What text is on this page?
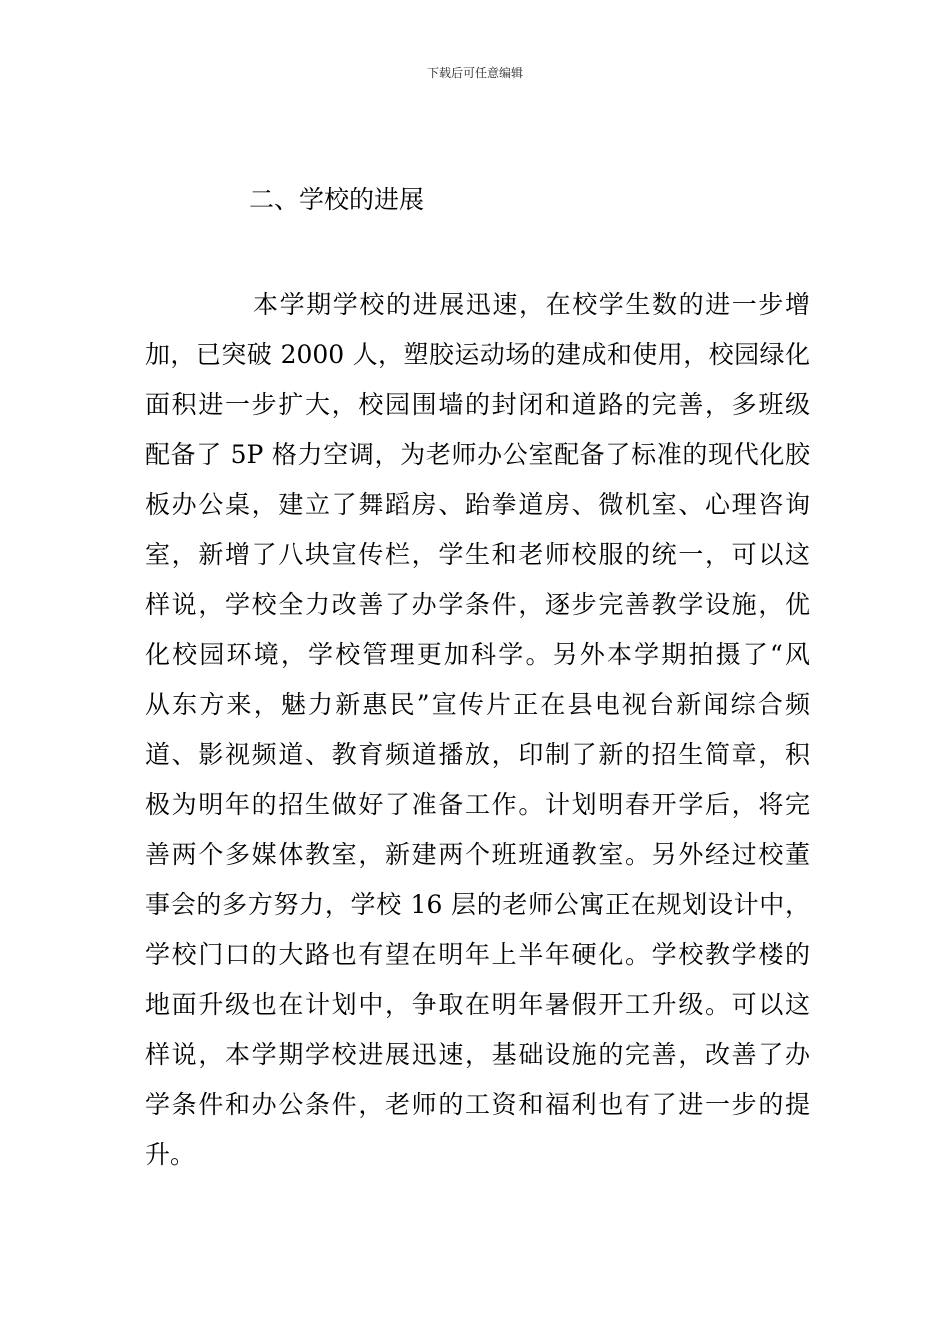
下载后可任意编辑
二、学校的进展
本学期学校的进展迅速，在校学生数的进一步增
加，已突破 2000 人，塑胶运动场的建成和使用，校园绿化
面积进一步扩大，校园围墙的封闭和道路的完善，多班级
配备了 5P 格力空调，为老师办公室配备了标准的现代化胶
板办公桌，建立了舞蹈房、跆拳道房、微机室、心理咨询
室，新增了八块宣传栏，学生和老师校服的统一，可以这
样说，学校全力改善了办学条件，逐步完善教学设施，优
化校园环境，学校管理更加科学。另外本学期拍摄了“风
从东方来，魅力新惠民”宣传片正在县电视台新闻综合频
道、影视频道、教育频道播放，印制了新的招生简章，积
极为明年的招生做好了准备工作。计划明春开学后，将完
善两个多媒体教室，新建两个班班通教室。另外经过校董
事会的多方努力，学校 16 层的老师公寓正在规划设计中，
学校门口的大路也有望在明年上半年硬化。学校教学楼的
地面升级也在计划中，争取在明年暑假开工升级。可以这
样说，本学期学校进展迅速，基础设施的完善，改善了办
学条件和办公条件，老师的工资和福利也有了进一步的提
升。
